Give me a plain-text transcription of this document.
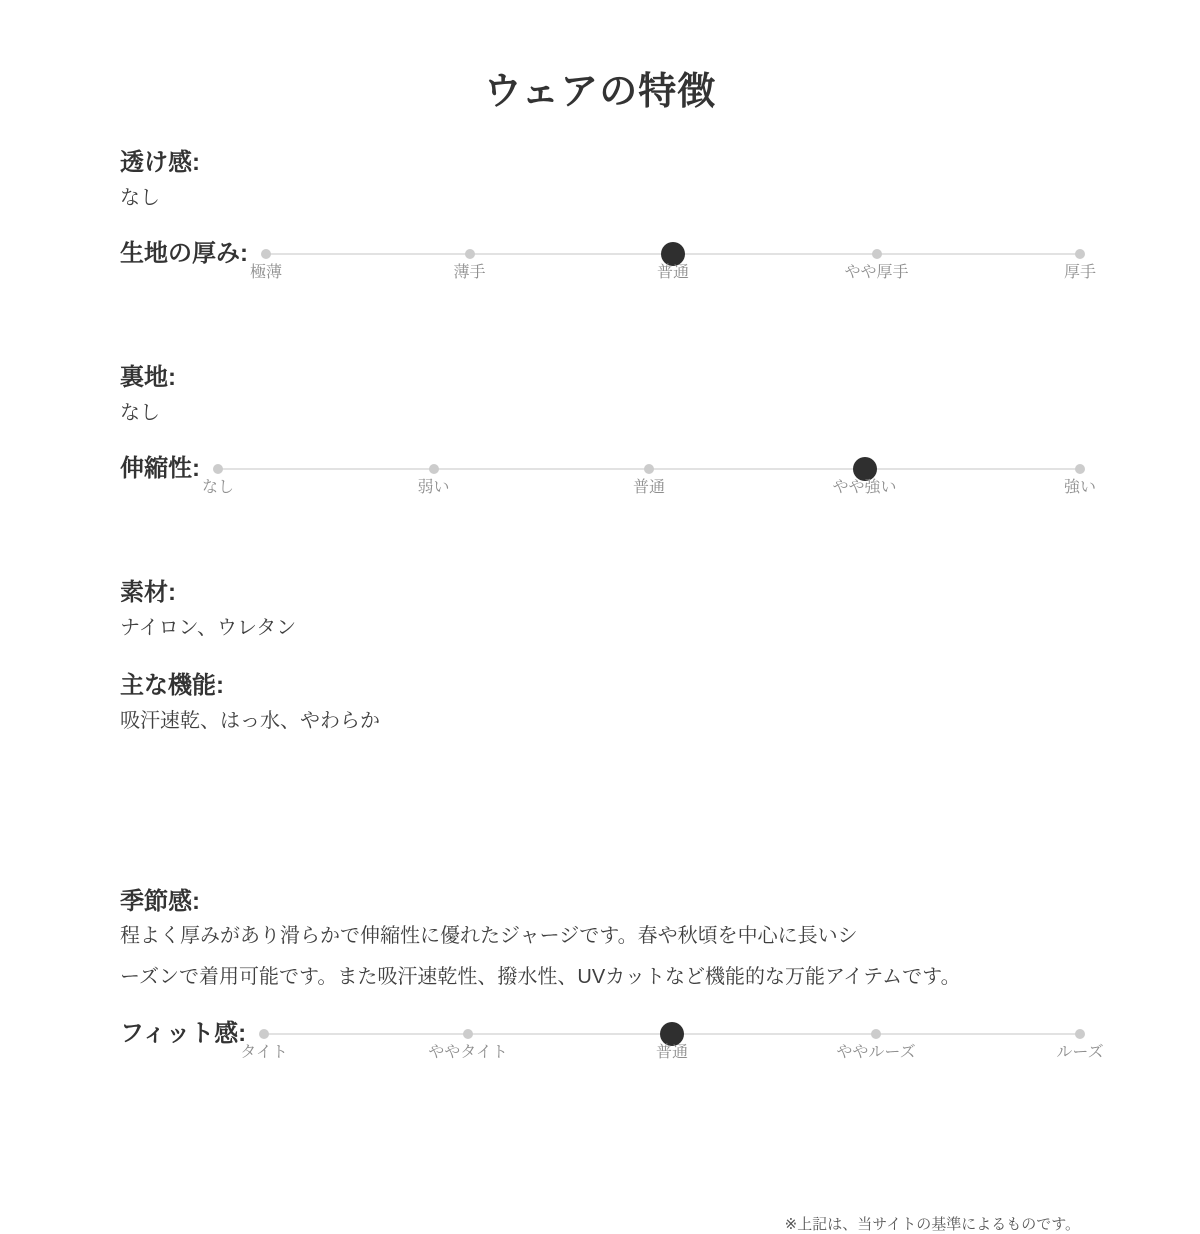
ウェアの特徴
透け感:
なし
生地の厚み:
極薄	薄手	普通	やや厚手	厚手
裏地:
なし
伸縮性:
なし	弱い	普通	やや強い	強い
素材:
ナイロン、ウレタン
主な機能:
吸汗速乾、はっ水、やわらか
季節感:

程よく厚みがあり滑らかで伸縮性に優れたジャージです。春や秋頃を中心に長いシ

ーズンで着用可能です。また吸汗速乾性、撥水性、UVカットなど機能的な万能アイテムです。

フィット感:
タイト	ややタイト	普通	ややルーズ	ルーズ
※上記は、当サイトの基準によるものです。
